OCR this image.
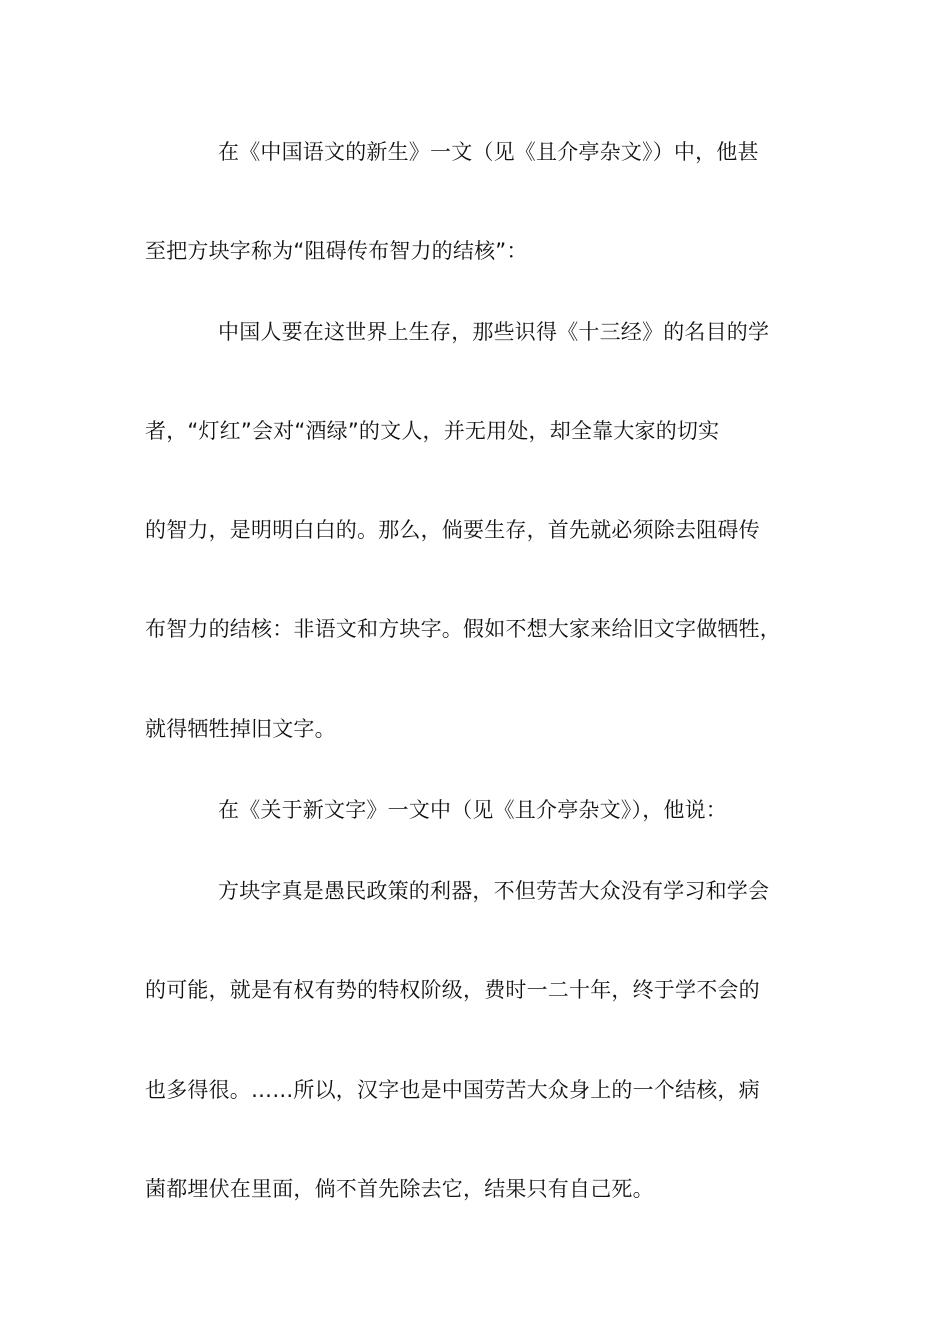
在《中国语文的新生》一文（见《且介亭杂文》）中，他甚
至把方块字称为“阻碍传布智力的结核”：
中国人要在这世界上生存，那些识得《十三经》的名目的学
者，“灯红”会对“酒绿”的文人，并无用处，却全靠大家的切实
的智力，是明明白白的。那么，倘要生存，首先就必须除去阻碍传
布智力的结核：非语文和方块字。假如不想大家来给旧文字做牺牲，
就得牺牲掉旧文字。
在《关于新文字》一文中（见《且介亭杂文》），他说：
方块字真是愚民政策的利器，不但劳苦大众没有学习和学会
的可能，就是有权有势的特权阶级，费时一二十年，终于学不会的
也多得很。……所以，汉字也是中国劳苦大众身上的一个结核，病
菌都埋伏在里面，倘不首先除去它，结果只有自己死。
